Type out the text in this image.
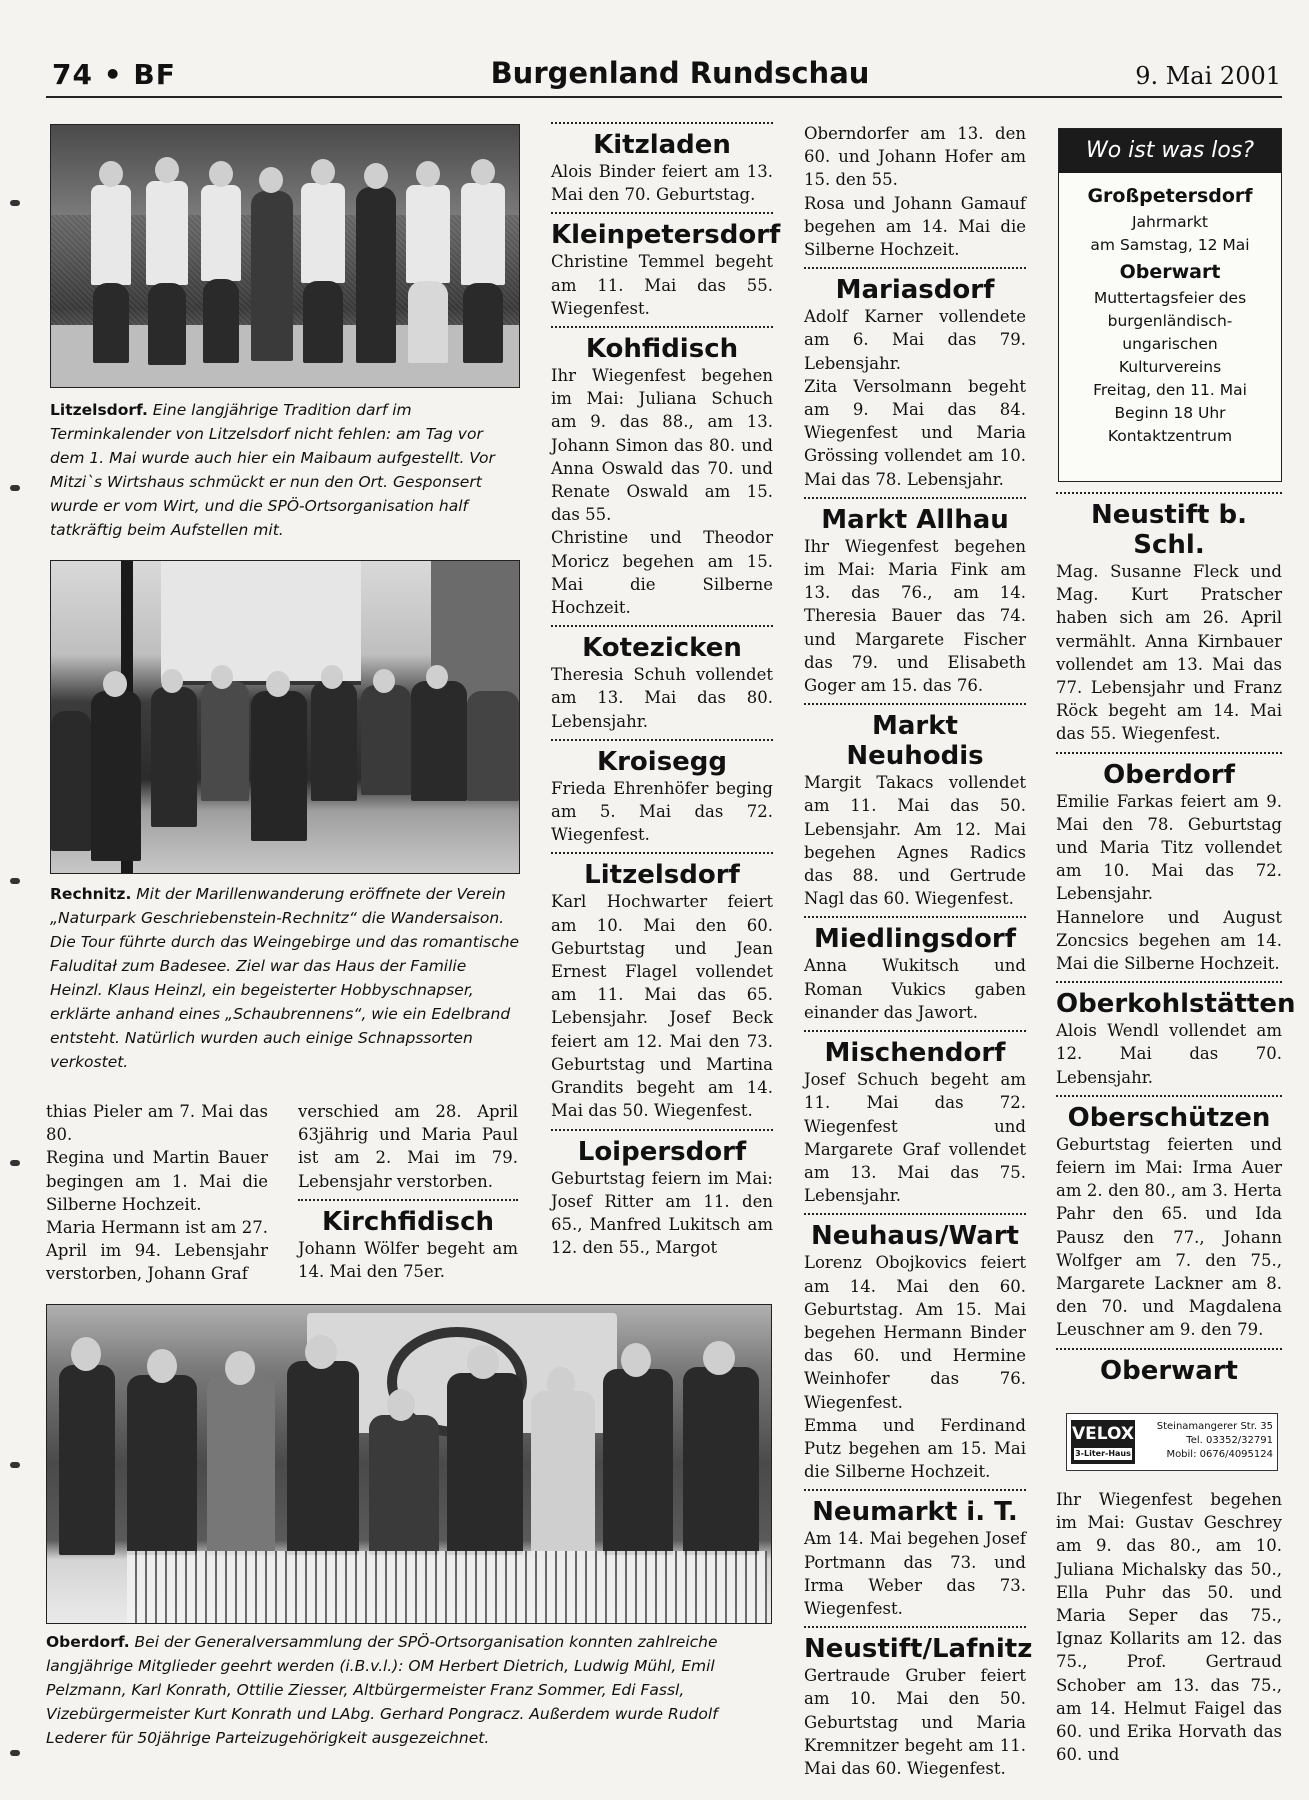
74 • BF	Burgenland Rundschau	9. Mai 2001
Litzelsdorf. Eine langjährige Tradition darf im Terminkalender von Litzelsdorf nicht fehlen: am Tag vor dem 1. Mai wurde auch hier ein Maibaum aufgestellt. Vor Mitzi`s Wirtshaus schmückt er nun den Ort. Gesponsert wurde er vom Wirt, und die SPÖ-Ortsorganisation half tatkräftig beim Aufstellen mit.
Rechnitz. Mit der Marillenwanderung eröffnete der Verein „Naturpark Geschriebenstein-Rechnitz“ die Wandersaison. Die Tour führte durch das Weingebirge und das romantische Faluditał zum Badesee. Ziel war das Haus der Familie Heinzl. Klaus Heinzl, ein begeisterter Hobbyschnapser, erklärte anhand eines „Schaubrennens“, wie ein Edelbrand entsteht. Natürlich wurden auch einige Schnapssorten verkostet.
Oberdorf. Bei der Generalversammlung der SPÖ-Ortsorganisation konnten zahlreiche langjährige Mitglieder geehrt werden (i.B.v.l.): OM Herbert Dietrich, Ludwig Mühl, Emil Pelzmann, Karl Konrath, Ottilie Ziesser, Altbürgermeister Franz Sommer, Edi Fassl, Vizebürgermeister Kurt Konrath und LAbg. Gerhard Pongracz. Außerdem wurde Rudolf Lederer für 50jährige Parteizugehörigkeit ausgezeichnet.

thias Pieler am 7. Mai das 80.
Regina und Martin Bauer begingen am 1. Mai die Silberne Hochzeit.
Maria Hermann ist am 27. April im 94. Lebensjahr verstorben, Johann Graf

verschied am 28. April 63jährig und Maria Paul ist am 2. Mai im 79. Lebensjahr verstorben.

Kirchfidisch

Johann Wölfer begeht am 14. Mai den 75er.

Kitzladen

Alois Binder feiert am 13. Mai den 70. Geburtstag.

Kleinpetersdorf

Christine Temmel begeht am 11. Mai das 55. Wiegenfest.

Kohfidisch

Ihr Wiegenfest begehen im Mai: Juliana Schuch am 9. das 88., am 13. Johann Simon das 80. und Anna Oswald das 70. und Renate Oswald am 15. das 55.
Christine und Theodor Moricz begehen am 15. Mai die Silberne Hochzeit.

Kotezicken

Theresia Schuh vollendet am 13. Mai das 80. Lebensjahr.

Kroisegg

Frieda Ehrenhöfer beging am 5. Mai das 72. Wiegenfest.

Litzelsdorf

Karl Hochwarter feiert am 10. Mai den 60. Geburtstag und Jean Ernest Flagel vollendet am 11. Mai das 65. Lebensjahr. Josef Beck feiert am 12. Mai den 73. Geburtstag und Martina Grandits begeht am 14. Mai das 50. Wiegenfest.

Loipersdorf

Geburtstag feiern im Mai: Josef Ritter am 11. den 65., Manfred Lukitsch am 12. den 55., Margot

Oberndorfer am 13. den 60. und Johann Hofer am 15. den 55.
Rosa und Johann Gamauf begehen am 14. Mai die Silberne Hochzeit.

Mariasdorf

Adolf Karner vollendete am 6. Mai das 79. Lebensjahr.
Zita Versolmann begeht am 9. Mai das 84. Wiegenfest und Maria Grössing vollendet am 10. Mai das 78. Lebensjahr.

Markt Allhau

Ihr Wiegenfest begehen im Mai: Maria Fink am 13. das 76., am 14. Theresia Bauer das 74. und Margarete Fischer das 79. und Elisabeth Goger am 15. das 76.

Markt Neuhodis

Margit Takacs vollendet am 11. Mai das 50. Lebensjahr. Am 12. Mai begehen Agnes Radics das 88. und Gertrude Nagl das 60. Wiegenfest.

Miedlingsdorf

Anna Wukitsch und Roman Vukics gaben einander das Jawort.

Mischendorf

Josef Schuch begeht am 11. Mai das 72. Wiegenfest und Margarete Graf vollendet am 13. Mai das 75. Lebensjahr.

Neuhaus/Wart

Lorenz Obojkovics feiert am 14. Mai den 60. Geburtstag. Am 15. Mai begehen Hermann Binder das 60. und Hermine Weinhofer das 76. Wiegenfest.
Emma und Ferdinand Putz begehen am 15. Mai die Silberne Hochzeit.

Neumarkt i. T.

Am 14. Mai begehen Josef Portmann das 73. und Irma Weber das 73. Wiegenfest.

Neustift/Lafnitz

Gertraude Gruber feiert am 10. Mai den 50. Geburtstag und Maria Kremnitzer begeht am 11. Mai das 60. Wiegenfest.

Wo ist was los?
Großpetersdorf
Jahrmarkt
am Samstag, 12 Mai
Oberwart
Muttertagsfeier des
burgenländisch-
ungarischen
Kulturvereins
Freitag, den 11. Mai
Beginn 18 Uhr
Kontaktzentrum
Neustift b. Schl.

Mag. Susanne Fleck und Mag. Kurt Pratscher haben sich am 26. April vermählt. Anna Kirnbauer vollendet am 13. Mai das 77. Lebensjahr und Franz Röck begeht am 14. Mai das 55. Wiegenfest.

Oberdorf

Emilie Farkas feiert am 9. Mai den 78. Geburtstag und Maria Titz vollendet am 10. Mai das 72. Lebensjahr.
Hannelore und August Zoncsics begehen am 14. Mai die Silberne Hochzeit.

Oberkohlstätten

Alois Wendl vollendet am 12. Mai das 70. Lebensjahr.

Oberschützen

Geburtstag feierten und feiern im Mai: Irma Auer am 2. den 80., am 3. Herta Pahr den 65. und Ida Pausz den 77., Johann Wolfger am 7. den 75., Margarete Lackner am 8. den 70. und Magdalena Leuschner am 9. den 79.

Oberwart
VELOX
3-Liter-Haus
Steinamangerer Str. 35
Tel. 03352/32791
Mobil: 0676/4095124

Ihr Wiegenfest begehen im Mai: Gustav Geschrey am 9. das 80., am 10. Juliana Michalsky das 50., Ella Puhr das 50. und Maria Seper das 75., Ignaz Kollarits am 12. das 75., Prof. Gertraud Schober am 13. das 75., am 14. Helmut Faigel das 60. und Erika Horvath das 60. und
